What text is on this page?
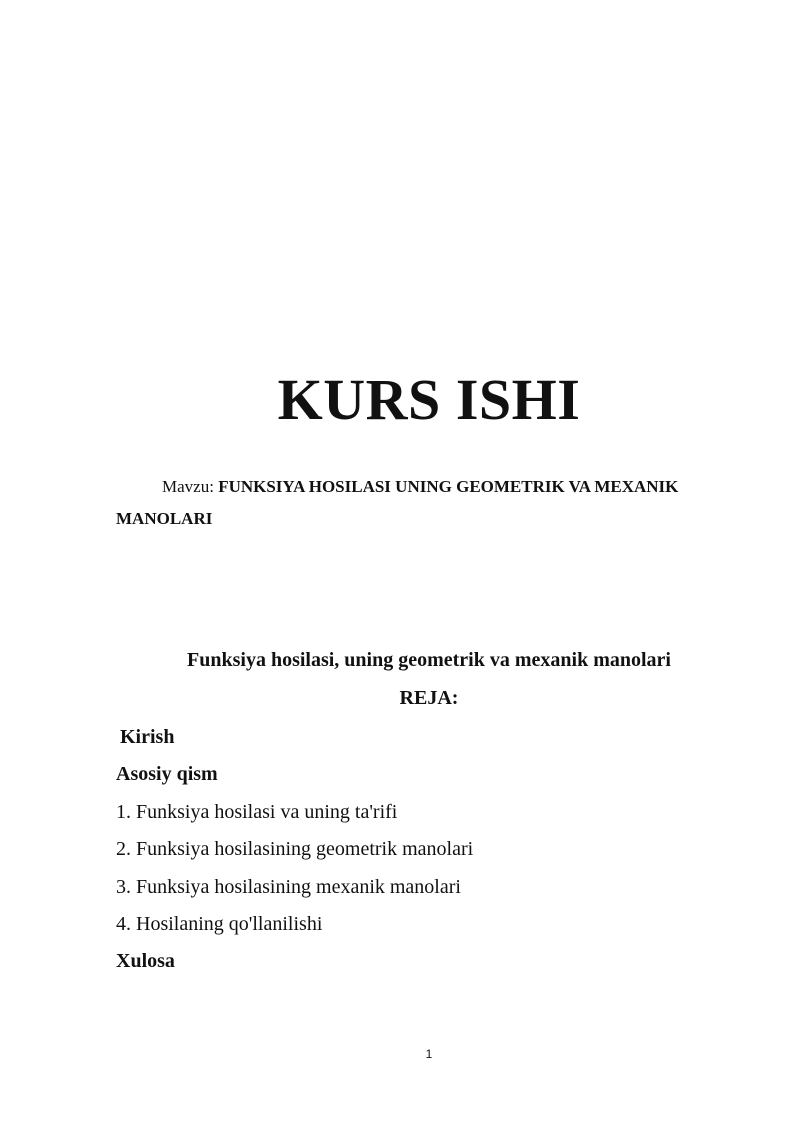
KURS ISHI
Mavzu: FUNKSIYA HOSILASI UNING GEOMETRIK VA MEXANIK MANOLARI
Funksiya hosilasi, uning geometrik va mexanik manolari
REJA:
Kirish
Asosiy qism
1. Funksiya hosilasi va uning ta'rifi
2. Funksiya hosilasining geometrik manolari
3. Funksiya hosilasining mexanik manolari
4. Hosilaning qo'llanilishi
Xulosa
1
